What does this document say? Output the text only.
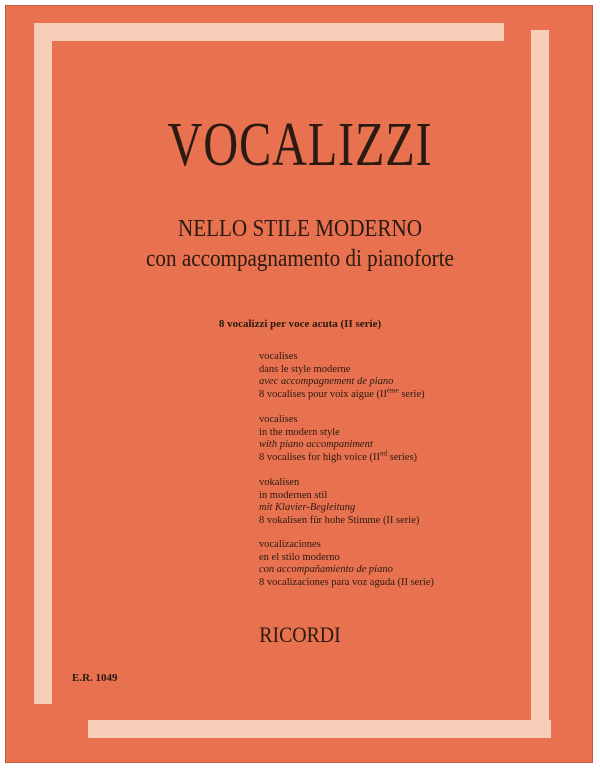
VOCALIZZI
NELLO STILE MODERNO
con accompagnamento di pianoforte
8 vocalizzi per voce acuta (II serie)
vocalises
dans le style moderne
avec accompagnement de piano
8 vocalises pour voix aigue (IIème serie)
vocalises
in the modern style
with piano accompaniment
8 vocalises for high voice (IInd series)
vokalisen
in modernen stil
mit Klavier-Begleitung
8 vokalisen für hohe Stimme (II serie)
vocalizaciones
en el stilo moderno
con accompañamiento de piano
8 vocalizaciones para voz aguda (II serie)
RICORDI
E.R. 1049
